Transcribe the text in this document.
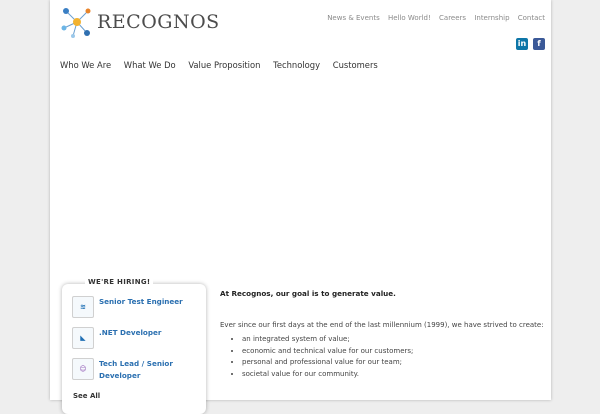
RECOGNOS	News & Events Hello World! Careers Internship Contact
in	f
Who We Are What We Do Value Proposition Technology Customers
≋
Senior Test Engineer
◣
.NET Developer
☺
Tech Lead / Senior Developer
See All
WE'RE HIRING!
At Recognos, our goal is to generate value.
Ever since our first days at the end of the last millennium (1999), we have strived to create:
• an integrated system of value;
• economic and technical value for our customers;
• personal and professional value for our team;
• societal value for our community.
